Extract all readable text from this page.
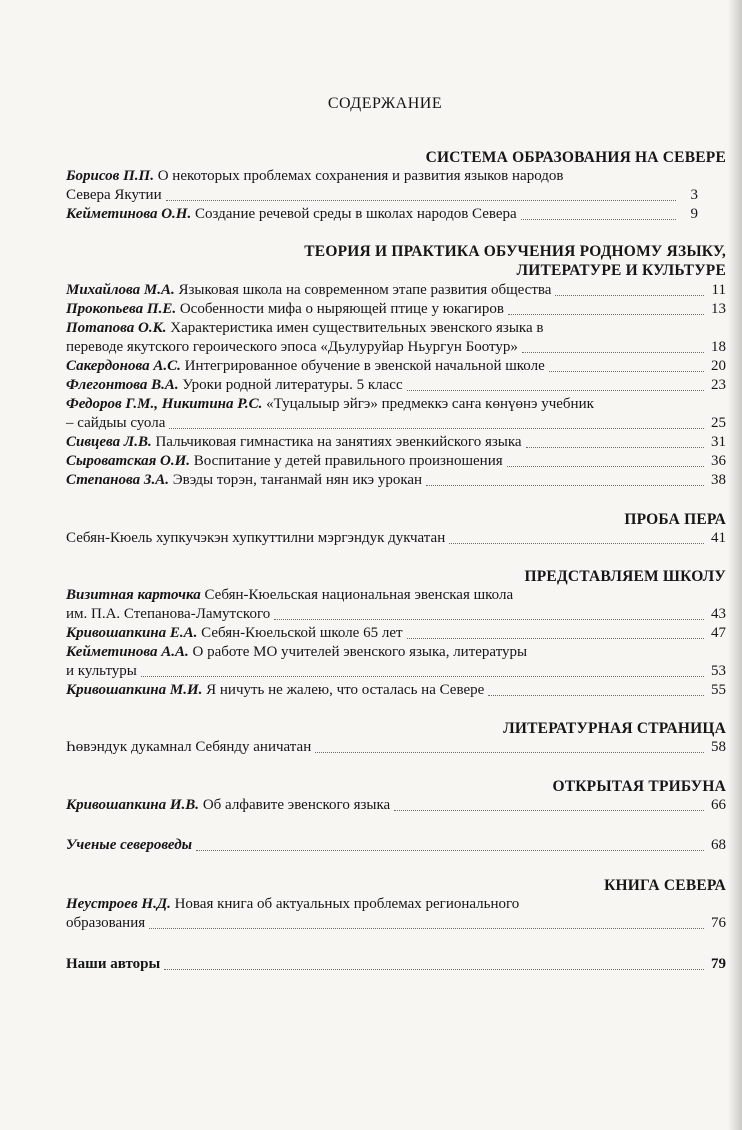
СОДЕРЖАНИЕ
СИСТЕМА ОБРАЗОВАНИЯ НА СЕВЕРЕ
Борисов П.П. О некоторых проблемах сохранения и развития языков народов
Севера Якутии	3
Кейметинова О.Н. Создание речевой среды в школах народов Севера	9
ТЕОРИЯ И ПРАКТИКА ОБУЧЕНИЯ РОДНОМУ ЯЗЫКУ,
ЛИТЕРАТУРЕ И КУЛЬТУРЕ
Михайлова М.А. Языковая школа на современном этапе развития общества	11
Прокопьева П.Е. Особенности мифа о ныряющей птице у юкагиров	13
Потапова О.К. Характеристика имен существительных эвенского языка в
переводе якутского героического эпоса «Дьулуруйар Ньургун Боотур»	18
Сакердонова А.С. Интегрированное обучение в эвенской начальной школе	20
Флегонтова В.А. Уроки родной литературы. 5 класс	23
Федоров Г.М., Никитина Р.С. «Туцалыыр эйгэ» предмеккэ саҥа көнүөнэ учебник
– сайдыы суола	25
Сивцева Л.В. Пальчиковая гимнастика на занятиях эвенкийского языка	31
Сыроватская О.И. Воспитание у детей правильного произношения	36
Степанова З.А. Эвэды торэн, таҥанмай нян икэ урокан	38
ПРОБА ПЕРА
Себян-Кюель хупкучэкэн хупкуттилни мэргэндук дукчатан	41
ПРЕДСТАВЛЯЕМ ШКОЛУ
Визитная карточка Себян-Кюельская национальная эвенская школа
им. П.А. Степанова-Ламутского	43
Кривошапкина Е.А. Себян-Кюельской школе 65 лет	47
Кейметинова А.А. О работе МО учителей эвенского языка, литературы
и культуры	53
Кривошапкина М.И. Я ничуть не жалею, что осталась на Севере	55
ЛИТЕРАТУРНАЯ СТРАНИЦА
Һөвэндук дукамнал Себянду аничатан	58
ОТКРЫТАЯ ТРИБУНА
Кривошапкина И.В. Об алфавите эвенского языка	66
Ученые североведы	68
КНИГА СЕВЕРА
Неустроев Н.Д. Новая книга об актуальных проблемах регионального
образования	76
Наши авторы	79
